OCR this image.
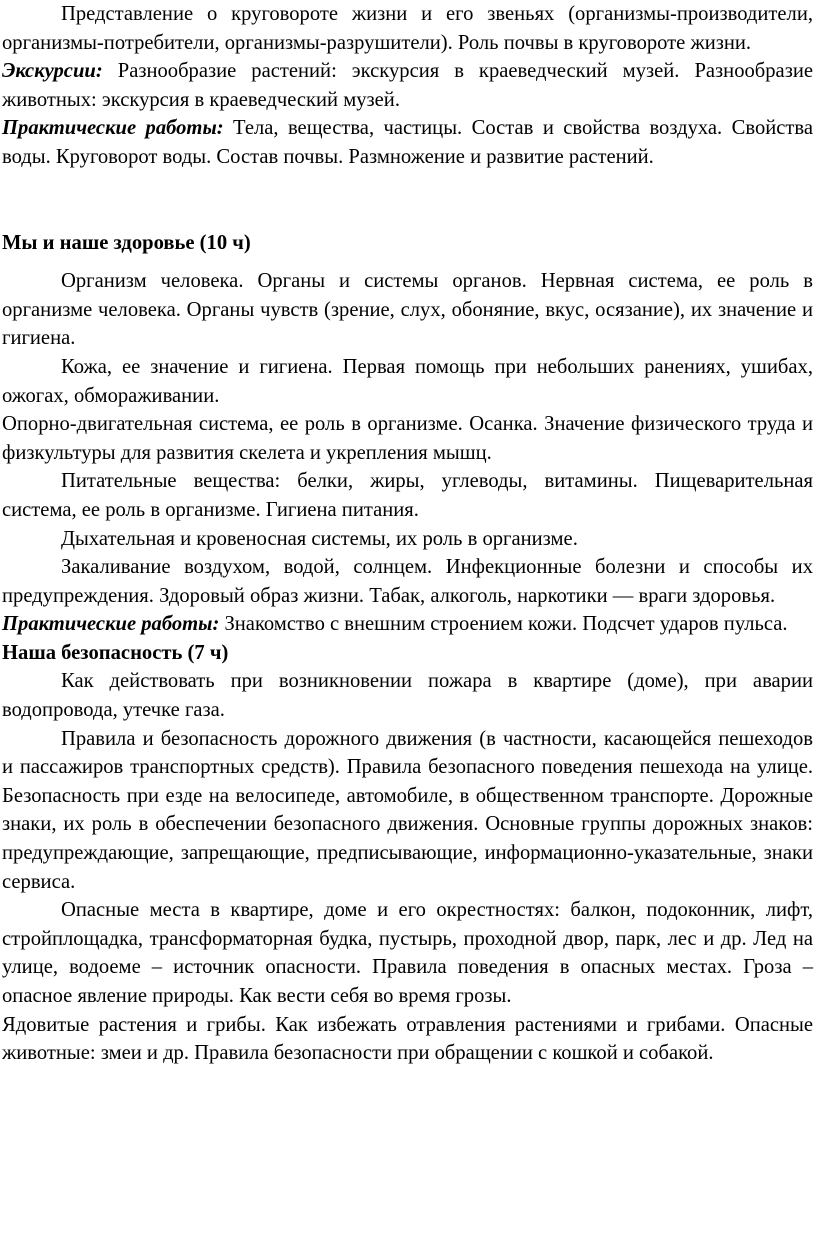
Представление о круговороте жизни и его звеньях (организмы-производители, организмы-потребители, организмы-разрушители). Роль почвы в круговороте жизни.

Экскурсии: Разнообразие растений: экскурсия в краеведческий музей. Разнообразие животных: экскурсия в краеведческий музей.

Практические работы: Тела, вещества, частицы. Состав и свойства воздуха. Свойства воды. Круговорот воды. Состав почвы. Размножение и развитие растений.

Мы и наше здоровье (10 ч)

Организм человека. Органы и системы органов. Нервная система, ее роль в организме человека. Органы чувств (зрение, слух, обоняние, вкус, осязание), их значение и гигиена.

Кожа, ее значение и гигиена. Первая помощь при небольших ранениях, ушибах, ожогах, обмораживании.

Опорно-двигательная система, ее роль в организме. Осанка. Значение физического труда и физкультуры для развития скелета и укрепления мышц.

Питательные вещества: белки, жиры, углеводы, витамины. Пищеварительная система, ее роль в организме. Гигиена питания.

Дыхательная и кровеносная системы, их роль в организме.

Закаливание воздухом, водой, солнцем. Инфекционные болезни и способы их предупреждения. Здоровый образ жизни. Табак, алкоголь, наркотики — враги здоровья.

Практические работы: Знакомство с внешним строением кожи. Подсчет ударов пульса.

Наша безопасность (7 ч)

Как действовать при возникновении пожара в квартире (доме), при аварии водопровода, утечке газа.

Правила и безопасность дорожного движения (в частности, касающейся пешеходов и пассажиров транспортных средств). Правила безопасного поведения пешехода на улице. Безопасность при езде на велосипеде, автомобиле, в общественном транспорте. Дорожные знаки, их роль в обеспечении безопасного движения. Основные группы дорожных знаков: предупреждающие, запрещающие, предписывающие, информационно-указательные, знаки сервиса.

Опасные места в квартире, доме и его окрестностях: балкон, подоконник, лифт, стройплощадка, трансформаторная будка, пустырь, проходной двор, парк, лес и др. Лед на улице, водоеме – источник опасности. Правила поведения в опасных местах. Гроза – опасное явление природы. Как вести себя во время грозы.

Ядовитые растения и грибы. Как избежать отравления растениями и грибами. Опасные животные: змеи и др. Правила безопасности при обращении с кошкой и собакой.
